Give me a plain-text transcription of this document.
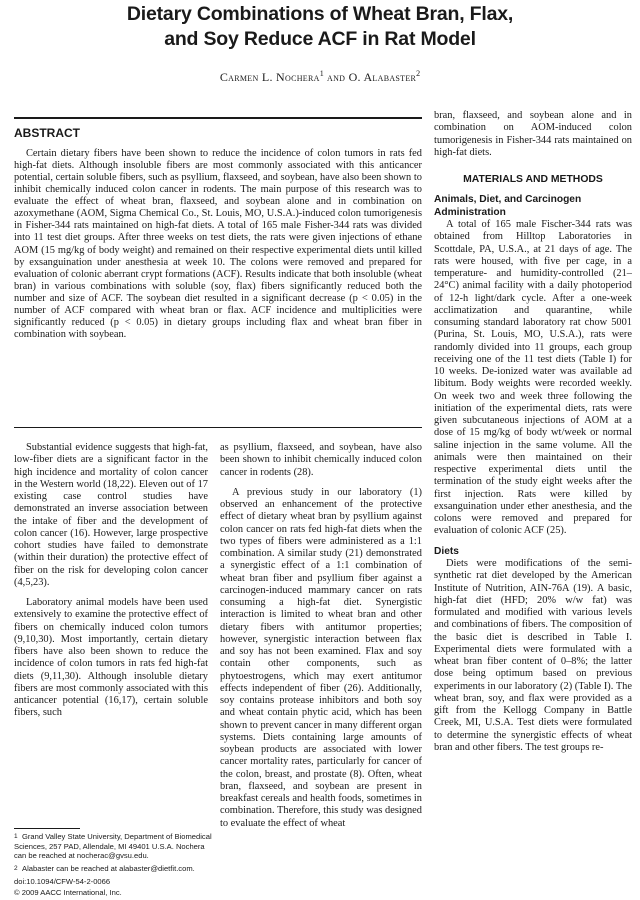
Dietary Combinations of Wheat Bran, Flax,
and Soy Reduce ACF in Rat Model
Carmen L. Nochera$^1$ and O. Alabaster$^2$
ABSTRACT

Certain dietary fibers have been shown to reduce the incidence of colon tumors in rats fed high-fat diets. Although insoluble fibers are most commonly associated with this anticancer potential, certain soluble fibers, such as psyllium, flaxseed, and soybean, have also been shown to inhibit chemically induced colon cancer in rodents. The main purpose of this research was to evaluate the effect of wheat bran, flaxseed, and soybean alone and in combination on azoxymethane (AOM, Sigma Chemical Co., St. Louis, MO, U.S.A.)-induced colon tumorigenesis in Fisher-344 rats maintained on high-fat diets. A total of 165 male Fisher-344 rats was divided into 11 test diet groups. After three weeks on test diets, the rats were given injections of ethane AOM (15 mg/kg of body weight) and remained on their respective experimental diets until killed by exsanguination under anesthesia at week 10. The colons were removed and prepared for evaluation of colonic aberrant crypt formations (ACF). Results indicate that both insoluble (wheat bran) in various combinations with soluble (soy, flax) fibers significantly reduced both the number and size of ACF. The soybean diet resulted in a significant decrease (p < 0.05) in the number of ACF compared with wheat bran or flax. ACF incidence and multiplicities were significantly reduced (p < 0.05) in dietary groups including flax and wheat bran fiber in combination with soybean.

Substantial evidence suggests that high-fat, low-fiber diets are a significant factor in the high incidence and mortality of colon cancer in the Western world (18,22). Eleven out of 17 existing case control studies have demonstrated an inverse association between the intake of fiber and the development of colon cancer (16). However, large prospective cohort studies have failed to demonstrate (within their duration) the protective effect of fiber on the risk for developing colon cancer (4,5,23).

Laboratory animal models have been used extensively to examine the protective effect of fibers on chemically induced colon tumors (9,10,30). Most importantly, certain dietary fibers have also been shown to reduce the incidence of colon tumors in rats fed high-fat diets (9,11,30). Although insoluble dietary fibers are most commonly associated with this anticancer potential (16,17), certain soluble fibers, such

as psyllium, flaxseed, and soybean, have also been shown to inhibit chemically induced colon cancer in rodents (28).

A previous study in our laboratory (1) observed an enhancement of the protective effect of dietary wheat bran by psyllium against colon cancer on rats fed high-fat diets when the two types of fibers were administered as a 1:1 combination. A similar study (21) demonstrated a synergistic effect of a 1:1 combination of wheat bran fiber and psyllium fiber against a carcinogen-induced mammary cancer on rats consuming a high-fat diet. Synergistic interaction is limited to wheat bran and other dietary fibers with antitumor properties; however, synergistic interaction between flax and soy has not been examined. Flax and soy contain other components, such as phytoestrogens, which may exert antitumor effects independent of fiber (26). Additionally, soy contains protease inhibitors and both soy and wheat contain phytic acid, which has been shown to prevent cancer in many different organ systems. Diets containing large amounts of soybean products are associated with lower cancer mortality rates, particularly for cancer of the colon, breast, and prostate (8). Often, wheat bran, flaxseed, and soybean are present in breakfast cereals and health foods, sometimes in combination. Therefore, this study was designed to evaluate the effect of wheat

bran, flaxseed, and soybean alone and in combination on AOM-induced colon tumorigenesis in Fisher-344 rats maintained on high-fat diets.

MATERIALS AND METHODS

Animals, Diet, and Carcinogen Administration

A total of 165 male Fischer-344 rats was obtained from Hilltop Laboratories in Scottdale, PA, U.S.A., at 21 days of age. The rats were housed, with five per cage, in a temperature- and humidity-controlled (21–24°C) animal facility with a daily photoperiod of 12-h light/dark cycle. After a one-week acclimatization and quarantine, while consuming standard laboratory rat chow 5001 (Purina, St. Louis, MO, U.S.A.), rats were randomly divided into 11 groups, each group receiving one of the 11 test diets (Table I) for 10 weeks. De-ionized water was available ad libitum. Body weights were recorded weekly. On week two and week three following the initiation of the experimental diets, rats were given subcutaneous injections of AOM at a dose of 15 mg/kg of body wt/week or normal saline injection in the same volume. All the animals were then maintained on their respective experimental diets until the termination of the study eight weeks after the first injection. Rats were killed by exsanguination under ether anesthesia, and the colons were removed and prepared for evaluation of colonic ACF (25).

Diets

Diets were modifications of the semi-synthetic rat diet developed by the American Institute of Nutrition, AIN-76A (19). A basic, high-fat diet (HFD; 20% w/w fat) was formulated and modified with various levels and combinations of fibers. The composition of the basic diet is described in Table I. Experimental diets were formulated with a wheat bran fiber content of 0–8%; the latter dose being optimum based on previous experiments in our laboratory (2) (Table I). The wheat bran, soy, and flax were provided as a gift from the Kellogg Company in Battle Creek, MI, U.S.A. Test diets were formulated to determine the synergistic effects of wheat bran and other fibers. The test groups re-

1 Grand Valley State University, Department of Biomedical Sciences, 257 PAD, Allendale, MI 49401 U.S.A. Nochera can be reached at nocherac@gvsu.edu.
2 Alabaster can be reached at alabaster@dietfit.com.
doi:10.1094/CFW-54-2-0066
© 2009 AACC International, Inc.
